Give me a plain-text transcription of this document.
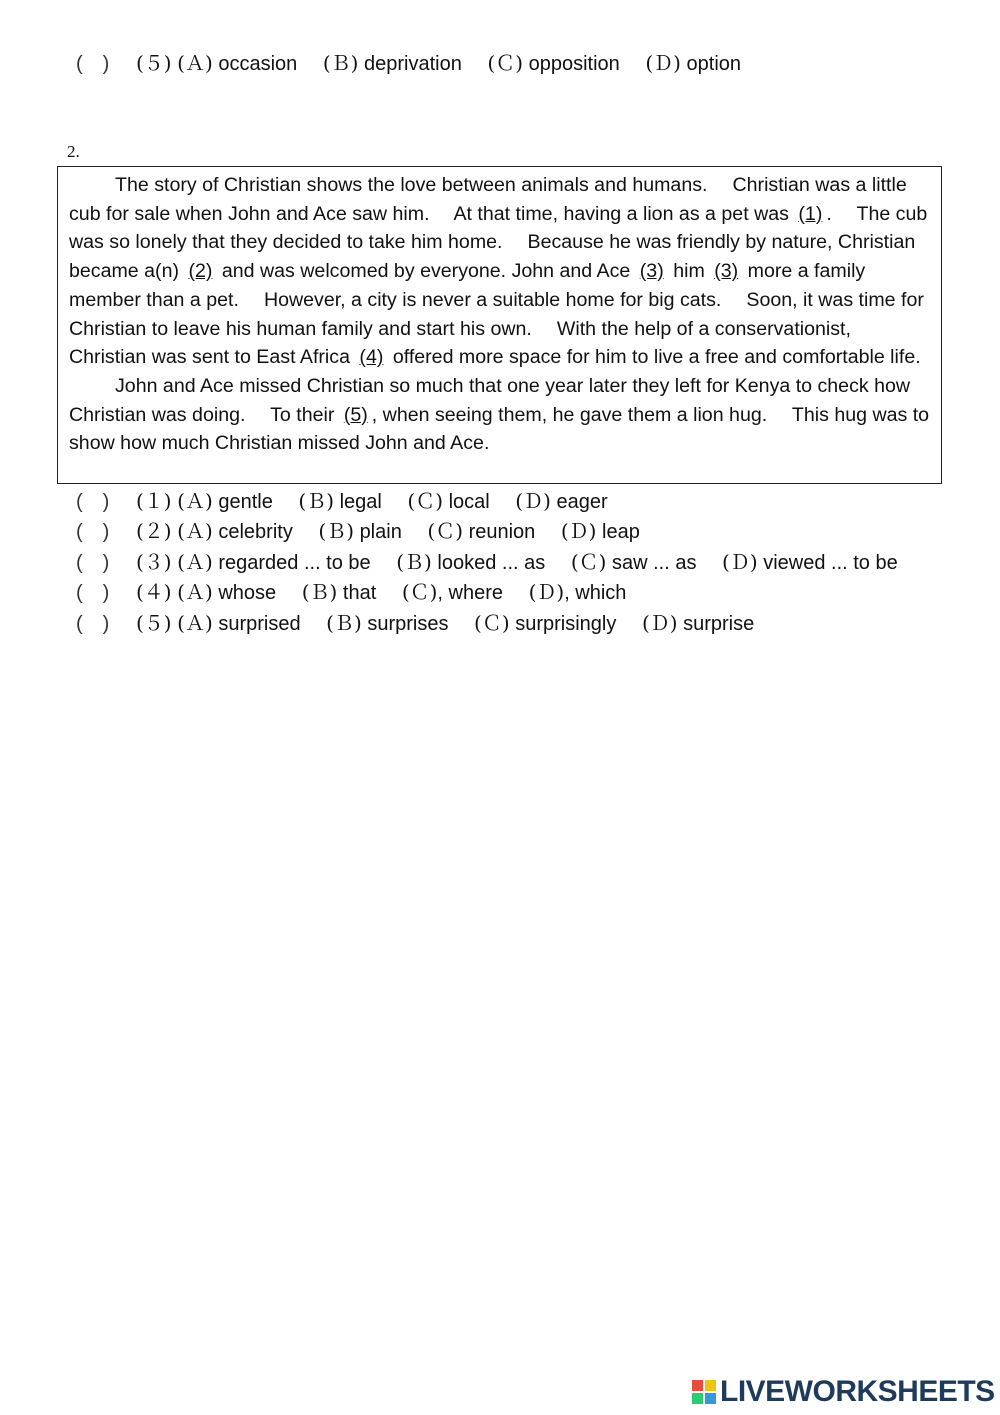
(　) (５) (Ａ) occasion (Ｂ) deprivation (Ｃ) opposition (Ｄ) option
2.

The story of Christian shows the love between animals and humans.　 Christian was a little cub for sale when John and Ace saw him.　 At that time, having a lion as a pet was (1) .　 The cub was so lonely that they decided to take him home.　 Because he was friendly by nature, Christian became a(n) (2) and was welcomed by everyone. John and Ace (3) him (3) more a family member than a pet.　 However, a city is never a suitable home for big cats.　 Soon, it was time for Christian to leave his human family and start his own.　 With the help of a conservationist, Christian was sent to East Africa (4) offered more space for him to live a free and comfortable life.

John and Ace missed Christian so much that one year later they left for Kenya to check how Christian was doing.　 To their (5) , when seeing them, he gave them a lion hug.　 This hug was to show how much Christian missed John and Ace.

(　) (１) (Ａ) gentle (Ｂ) legal (Ｃ) local (Ｄ) eager
(　) (２) (Ａ) celebrity (Ｂ) plain (Ｃ) reunion (Ｄ) leap
(　) (３) (Ａ) regarded ... to be (Ｂ) looked ... as (Ｃ) saw ... as (Ｄ) viewed ... to be
(　) (４) (Ａ) whose (Ｂ) that (Ｃ), where (Ｄ), which
(　) (５) (Ａ) surprised (Ｂ) surprises (Ｃ) surprisingly (Ｄ) surprise
LIVEWORKSHEETS
